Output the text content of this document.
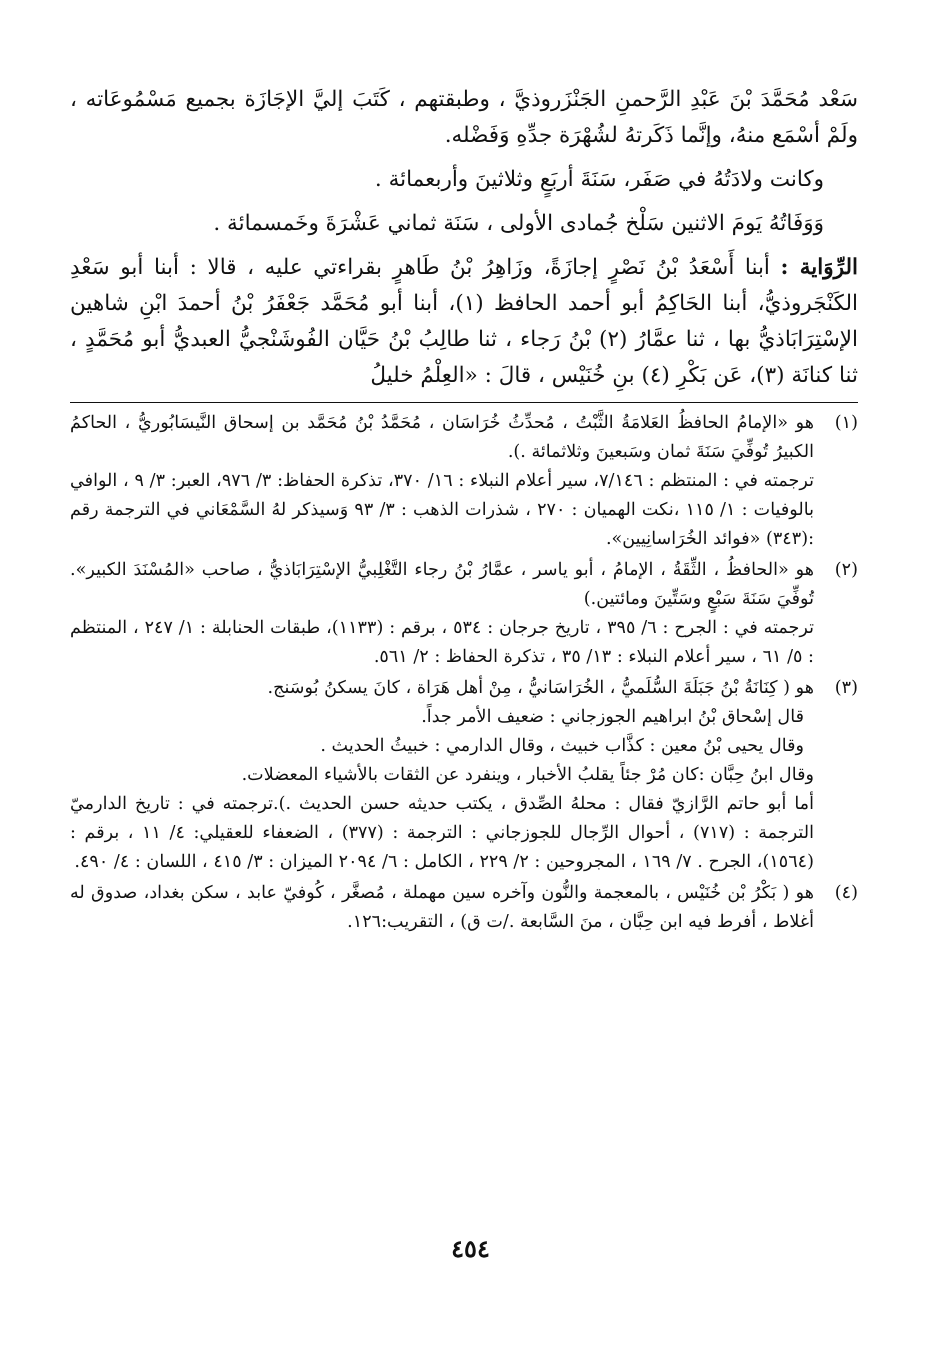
سَعْد مُحَمَّدَ بْنَ عَبْدِ الرَّحمنِ الجَنْزَروذيَّ ، وطبقتهم ، كَتَبَ إليَّ الإجَازَة بجميع مَسْمُوعَاته ، ولَمْ أسْمَع منهُ، وإنَّما ذَكَرتهُ لشُهْرَة جدِّهِ وَفَضْله.

وكانت ولادَتُهُ في صَفَر، سَنَةَ أربَعٍ وثلاثينَ وأربعمائة .

وَوَفَاتُهُ يَومَ الاثنين سَلْخ جُمادى الأولى ، سَنَة ثماني عَشْرَةَ وخَمسمائة .

الرِّوَاية : أبنا أَسْعَدُ بْنُ نَصْرٍ إجازَةً، وزَاهِرُ بْنُ طَاهرٍ بقراءتي عليه ، قالا : أبنا أبو سَعْدِ الكَنْجَروذيُّ، أبنا الحَاكِمُ أبو أحمد الحافظ (١)، أبنا أبو مُحَمَّد جَعْفَرُ بْنُ أحمدَ ابْنِ شاهين الإسْتِرَابَاذيُّ بها ، ثنا عمَّارُ (٢) بْنُ رَجاء ، ثنا طالِبُ بْنُ حَيَّان الفُوشَنْجيُّ العبديُّ أبو مُحَمَّدٍ ، ثنا كنانَة (٣)، عَن بَكْرِ (٤) بنِ خُنَيْس ، قالَ : «العِلْمُ خليلُ

(١)

هو «الإمامُ الحافظُ العَلامَةُ الثَّبْتُ ، مُحدِّثُ خُرَاسَان ، مُحَمَّدُ بْنُ مُحَمَّد بن إسحاق النَّيسَابُوريُّ ، الحاكمُ الكبيرُ تُوفِّيَ سَنَةَ ثمان وسَبعينَ وثلاثمائة .).

ترجمته في : المنتظم : ٧/١٤٦، سير أعلام النبلاء : ١٦/ ٣٧٠، تذكرة الحفاظ: ٣/ ٩٧٦، العبر: ٣/ ٩ ، الوافي بالوفيات : ١/ ١١٥ ،نكت الهميان : ٢٧٠ ، شذرات الذهب : ٣/ ٩٣ وَسيذكر لهُ السَّمْعَاني في الترجمة رقم :(٣٤٣) «فوائد الخُرَاسانِيين».

(٢)

هو «الحافظُ ، الثِّقَةُ ، الإمامُ ، أبو ياسر ، عمَّارُ بْنُ رجاء التَّغْلِبيُّ الإسْتِرَابَاذيُّ ، صاحب «المُسْنَدَ الكبير». تُوفِّيَ سَنَةَ سَبْعٍ وسَتِّينَ ومائتين.)

ترجمته في : الجرح : ٦/ ٣٩٥ ، تاريخ جرجان : ٥٣٤ ، برقم : (١١٣٣)، طبقات الحنابلة : ١/ ٢٤٧ ، المنتظم : ٥/ ٦١ ، سير أعلام النبلاء : ١٣/ ٣٥ ، تذكرة الحفاظ : ٢/ ٥٦١.

(٣)

هو ( كِنَانَةُ بْنُ جَبَلَةَ السُّلَميُّ ، الخُرَاسَانيُّ ، مِنْ أهل هَرَاة ، كانَ يسكنُ بُوسَنج.

قال إسْحاق بْنُ ابراهيم الجوزجاني : ضعيف الأمر جداً.

وقال يحيى بْنُ معين : كذَّاب خبيث ، وقال الدارمي : خبيثُ الحديث .

وقال ابنُ حِبَّان :كان مُرْ جئاً يقلبُ الأخبار ، وينفرد عن الثقات بالأشياء المعضلات.

أما أبو حاتم الرَّازيّ فقال : محلهُ الصِّدق ، يكتب حديثه حسن الحديث .).ترجمته في : تاريخ الدارميّ الترجمة : (٧١٧) ، أحوال الرِّجال للجوزجاني : الترجمة : (٣٧٧) ، الضعفاء للعقيلي: ٤/ ١١ ، برقم : (١٥٦٤)، الجرح . ٧/ ١٦٩ ، المجروحين : ٢/ ٢٢٩ ، الكامل : ٦/ ٢٠٩٤ الميزان : ٣/ ٤١٥ ، اللسان : ٤/ ٤٩٠.

(٤)

هو ( بَكْرُ بْن خُنَيْس ، بالمعجمة والنُّون وآخره سين مهملة ، مُصغَّر ، كُوفيّ عابد ، سكن بغداد، صدوق له أغلاط ، أفرط فيه ابن حِبَّان ، منَ السَّابعة ./ت ق) ، التقريب:١٢٦.

٤٥٤
